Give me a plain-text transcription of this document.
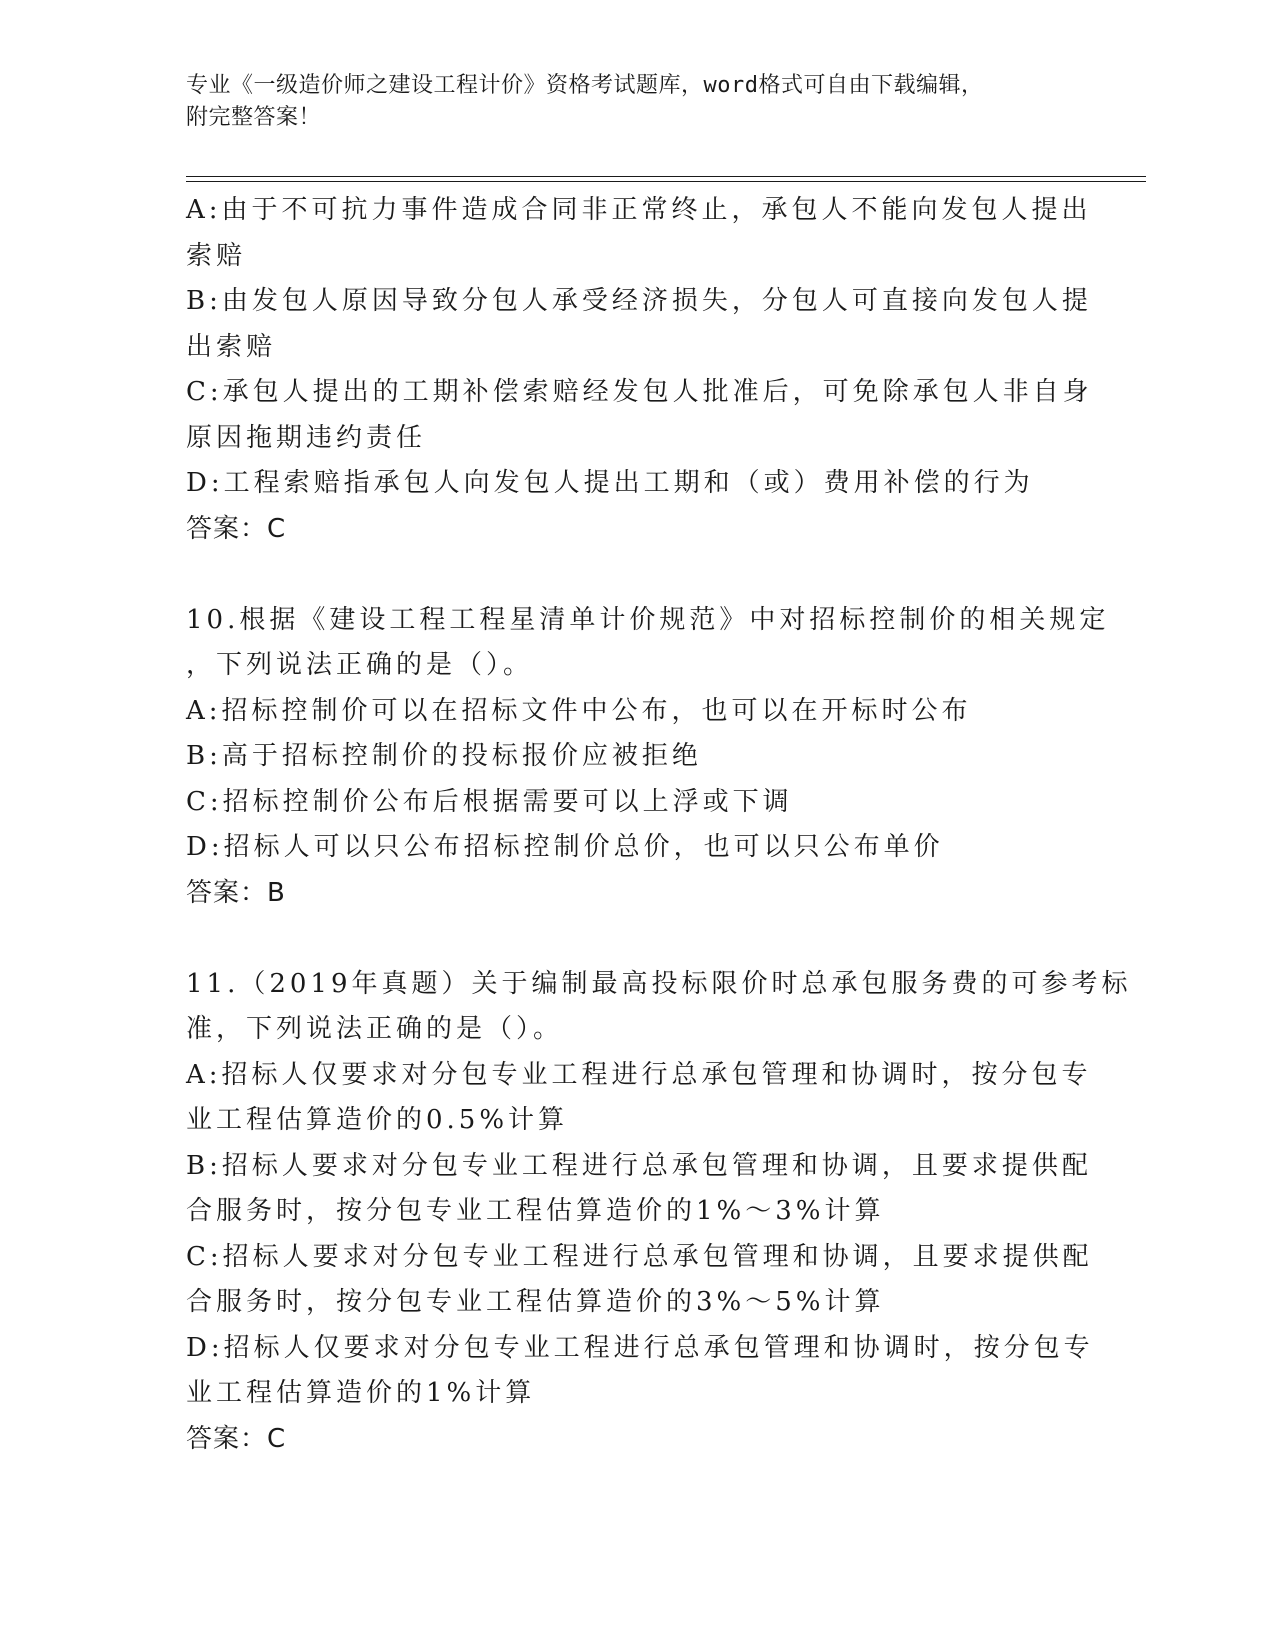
专业《一级造价师之建设工程计价》资格考试题库，word格式可自由下载编辑，
附完整答案！
A:由于不可抗力事件造成合同非正常终止，承包人不能向发包人提出
索赔
B:由发包人原因导致分包人承受经济损失，分包人可直接向发包人提
出索赔
C:承包人提出的工期补偿索赔经发包人批准后，可免除承包人非自身
原因拖期违约责任
D:工程索赔指承包人向发包人提出工期和（或）费用补偿的行为
答案：C
10.根据《建设工程工程星清单计价规范》中对招标控制价的相关规定
，下列说法正确的是（）。
A:招标控制价可以在招标文件中公布，也可以在开标时公布
B:高于招标控制价的投标报价应被拒绝
C:招标控制价公布后根据需要可以上浮或下调
D:招标人可以只公布招标控制价总价，也可以只公布单价
答案：B
11.（2019年真题）关于编制最高投标限价时总承包服务费的可参考标
准，下列说法正确的是（）。
A:招标人仅要求对分包专业工程进行总承包管理和协调时，按分包专
业工程估算造价的0.5%计算
B:招标人要求对分包专业工程进行总承包管理和协调，且要求提供配
合服务时，按分包专业工程估算造价的1%～3%计算
C:招标人要求对分包专业工程进行总承包管理和协调，且要求提供配
合服务时，按分包专业工程估算造价的3%～5%计算
D:招标人仅要求对分包专业工程进行总承包管理和协调时，按分包专
业工程估算造价的1%计算
答案：C
